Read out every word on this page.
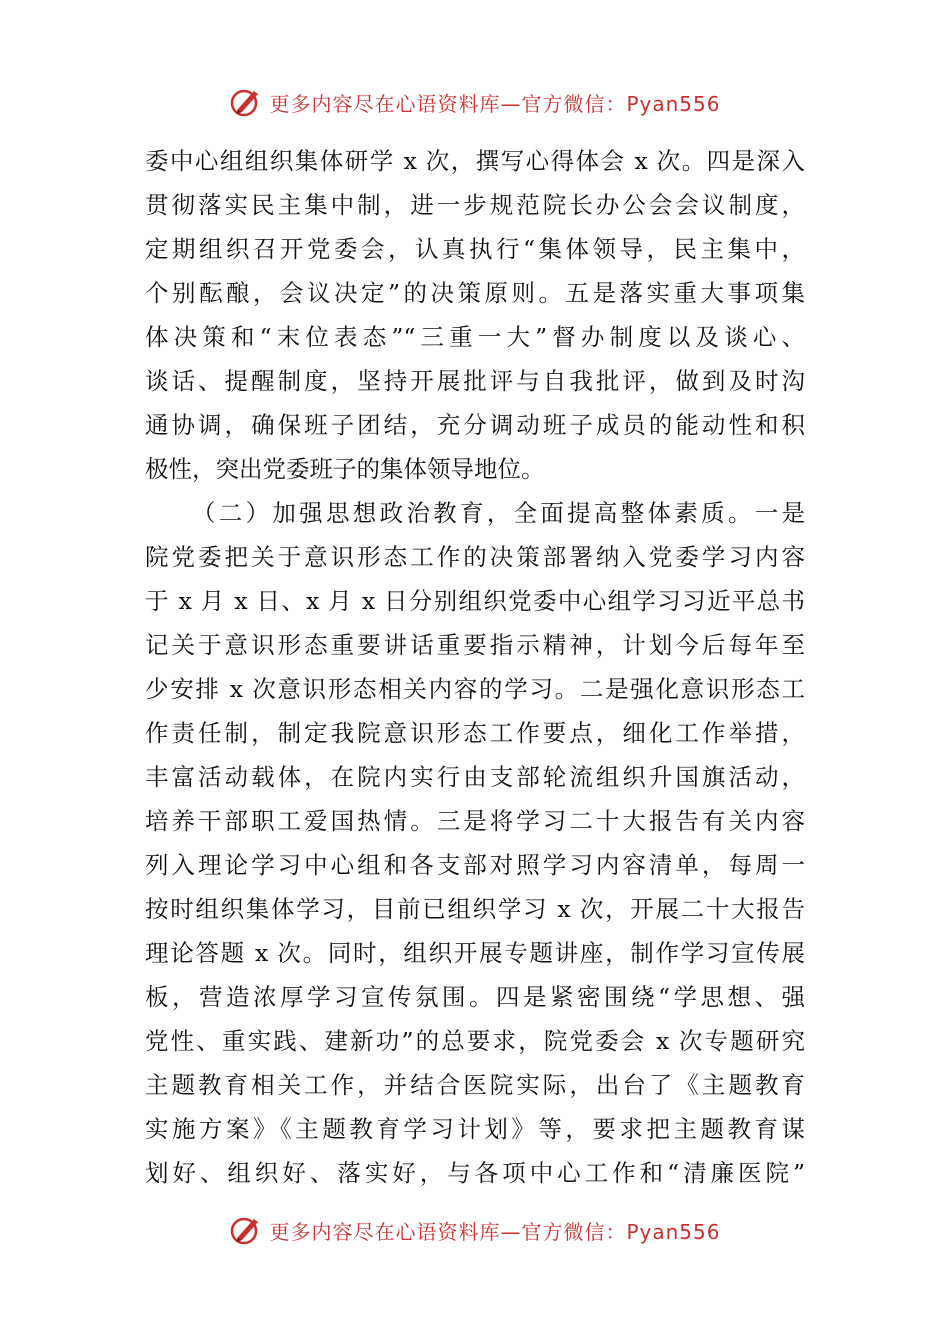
更多内容尽在心语资料库—官方微信：Pyan556
委中心组组织集体研学 x 次，撰写心得体会 x 次。四是深入
贯彻落实民主集中制，进一步规范院长办公会会议制度，
定期组织召开党委会，认真执行“集体领导，民主集中，
个别酝酿，会议决定”的决策原则。五是落实重大事项集
体决策和“末位表态”“三重一大”督办制度以及谈心、
谈话、提醒制度，坚持开展批评与自我批评，做到及时沟
通协调，确保班子团结，充分调动班子成员的能动性和积
极性，突出党委班子的集体领导地位。
（二）加强思想政治教育，全面提高整体素质。一是
院党委把关于意识形态工作的决策部署纳入党委学习内容
于 x 月 x 日、x 月 x 日分别组织党委中心组学习习近平总书
记关于意识形态重要讲话重要指示精神，计划今后每年至
少安排 x 次意识形态相关内容的学习。二是强化意识形态工
作责任制，制定我院意识形态工作要点，细化工作举措，
丰富活动载体，在院内实行由支部轮流组织升国旗活动，
培养干部职工爱国热情。三是将学习二十大报告有关内容
列入理论学习中心组和各支部对照学习内容清单，每周一
按时组织集体学习，目前已组织学习 x 次，开展二十大报告
理论答题 x 次。同时，组织开展专题讲座，制作学习宣传展
板，营造浓厚学习宣传氛围。四是紧密围绕“学思想、强
党性、重实践、建新功”的总要求，院党委会 x 次专题研究
主题教育相关工作，并结合医院实际，出台了《主题教育
实施方案》《主题教育学习计划》等，要求把主题教育谋
划好、组织好、落实好，与各项中心工作和“清廉医院”
更多内容尽在心语资料库—官方微信：Pyan556
